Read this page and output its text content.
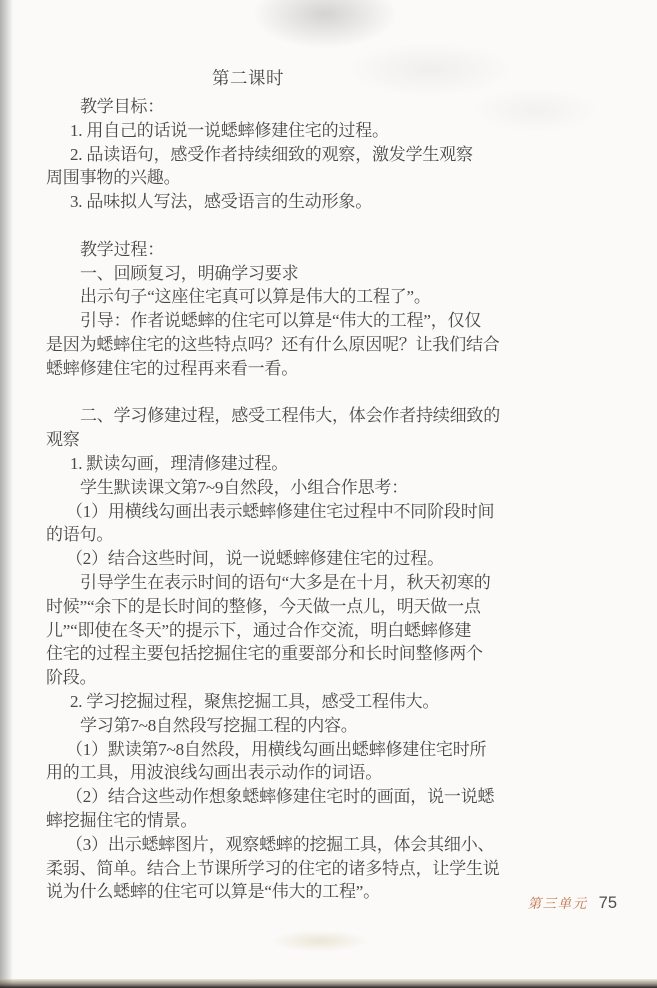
第二课时
教学目标：
1. 用自己的话说一说蟋蟀修建住宅的过程。
2. 品读语句，感受作者持续细致的观察，激发学生观察
周围事物的兴趣。
3. 品味拟人写法，感受语言的生动形象。
教学过程：
一、回顾复习，明确学习要求
出示句子“这座住宅真可以算是伟大的工程了”。
引导：作者说蟋蟀的住宅可以算是“伟大的工程”，仅仅
是因为蟋蟀住宅的这些特点吗？还有什么原因呢？让我们结合
蟋蟀修建住宅的过程再来看一看。
二、学习修建过程，感受工程伟大，体会作者持续细致的
观察
1. 默读勾画，理清修建过程。
学生默读课文第7~9自然段，小组合作思考：
（1）用横线勾画出表示蟋蟀修建住宅过程中不同阶段时间
的语句。
（2）结合这些时间，说一说蟋蟀修建住宅的过程。
引导学生在表示时间的语句“大多是在十月，秋天初寒的
时候”“余下的是长时间的整修，今天做一点儿，明天做一点
儿”“即使在冬天”的提示下，通过合作交流，明白蟋蟀修建
住宅的过程主要包括挖掘住宅的重要部分和长时间整修两个
阶段。
2. 学习挖掘过程，聚焦挖掘工具，感受工程伟大。
学习第7~8自然段写挖掘工程的内容。
（1）默读第7~8自然段，用横线勾画出蟋蟀修建住宅时所
用的工具，用波浪线勾画出表示动作的词语。
（2）结合这些动作想象蟋蟀修建住宅时的画面，说一说蟋
蟀挖掘住宅的情景。
（3）出示蟋蟀图片，观察蟋蟀的挖掘工具，体会其细小、
柔弱、简单。结合上节课所学习的住宅的诸多特点，让学生说
说为什么蟋蟀的住宅可以算是“伟大的工程”。
第三单元 75
